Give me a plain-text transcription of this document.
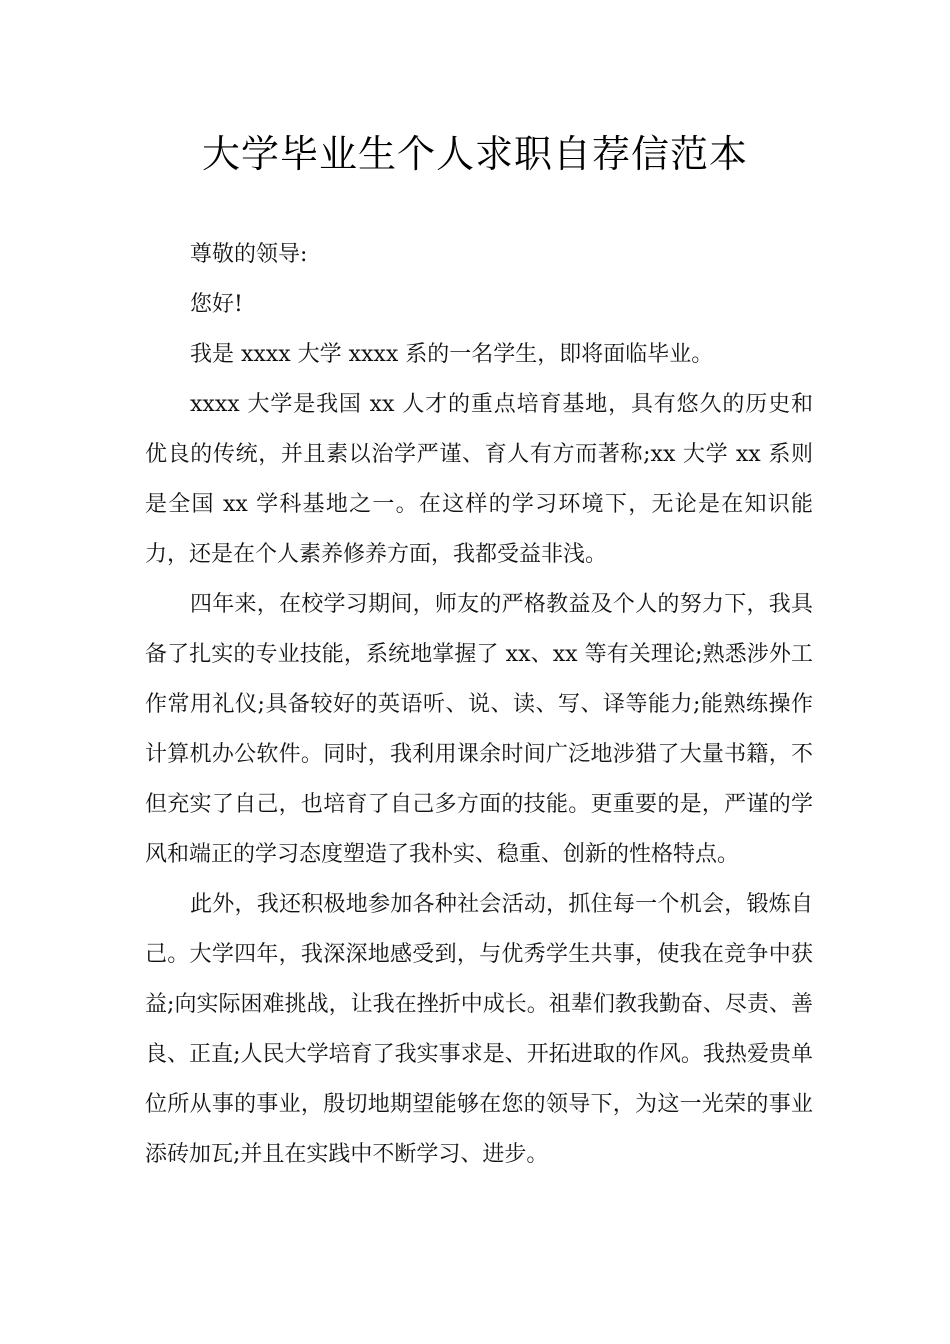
大学毕业生个人求职自荐信范本

尊敬的领导:

您好!

我是 xxxx 大学 xxxx 系的一名学生，即将面临毕业。

xxxx 大学是我国 xx 人才的重点培育基地，具有悠久的历史和优良的传统，并且素以治学严谨、育人有方而著称;xx 大学 xx 系则是全国 xx 学科基地之一。在这样的学习环境下，无论是在知识能力，还是在个人素养修养方面，我都受益非浅。

四年来，在校学习期间，师友的严格教益及个人的努力下，我具备了扎实的专业技能，系统地掌握了 xx、xx 等有关理论;熟悉涉外工作常用礼仪;具备较好的英语听、说、读、写、译等能力;能熟练操作计算机办公软件。同时，我利用课余时间广泛地涉猎了大量书籍，不但充实了自己，也培育了自己多方面的技能。更重要的是，严谨的学风和端正的学习态度塑造了我朴实、稳重、创新的性格特点。

此外，我还积极地参加各种社会活动，抓住每一个机会，锻炼自己。大学四年，我深深地感受到，与优秀学生共事，使我在竞争中获益;向实际困难挑战，让我在挫折中成长。祖辈们教我勤奋、尽责、善良、正直;人民大学培育了我实事求是、开拓进取的作风。我热爱贵单位所从事的事业，殷切地期望能够在您的领导下，为这一光荣的事业添砖加瓦;并且在实践中不断学习、进步。
